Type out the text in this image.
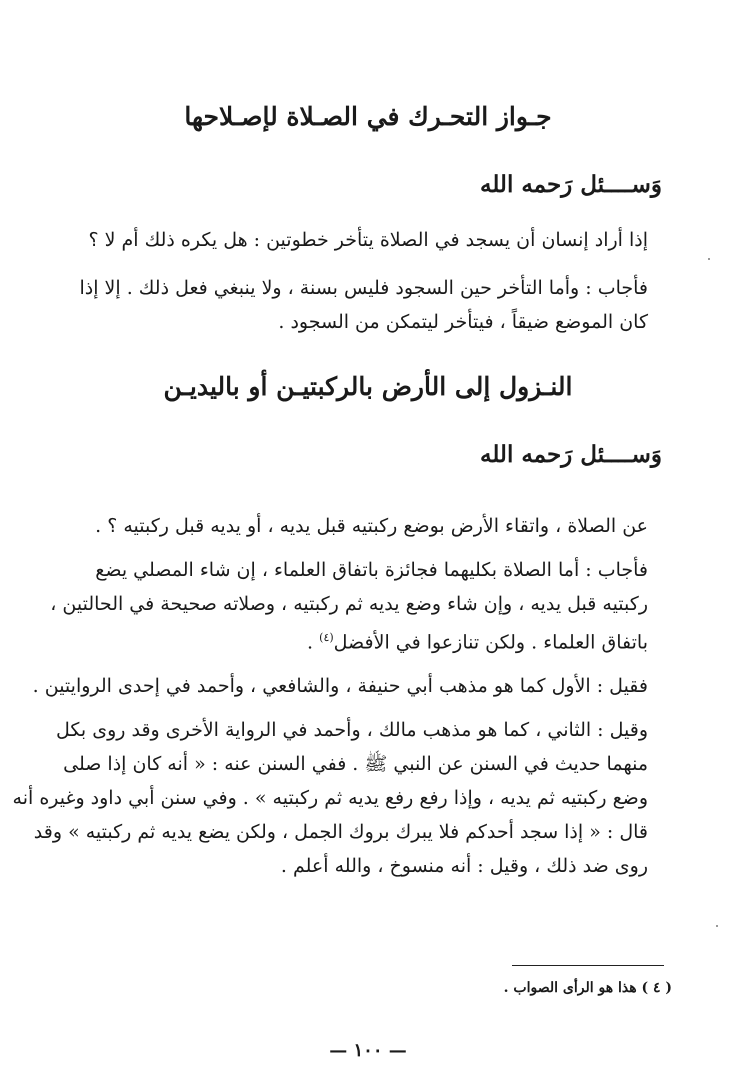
جـواز التحـرك في الصـلاة لإصـلاحها
وَســــئل رَحمه الله
إذا أراد إنسان أن يسجد في الصلاة يتأخر خطوتين : هل يكره ذلك أم لا ؟
فأجاب : وأما التأخر حين السجود فليس بسنة ، ولا ينبغي فعل ذلك . إلا إذا
كان الموضع ضيقاً ، فيتأخر ليتمكن من السجود .
النـزول إلى الأرض بالركبتيـن أو باليديـن
وَســــئل رَحمه الله
عن الصلاة ، واتقاء الأرض بوضع ركبتيه قبل يديه ، أو يديه قبل ركبتيه ؟ .
فأجاب : أما الصلاة بكليهما فجائزة باتفاق العلماء ، إن شاء المصلي يضع
ركبتيه قبل يديه ، وإن شاء وضع يديه ثم ركبتيه ، وصلاته صحيحة في الحالتين ،
باتفاق العلماء . ولكن تنازعوا في الأفضل$^{(٤)}$ .
فقيل : الأول كما هو مذهب أبي حنيفة ، والشافعي ، وأحمد في إحدى الروايتين .
وقيل : الثاني ، كما هو مذهب مالك ، وأحمد في الرواية الأخرى وقد روى بكل
منهما حديث في السنن عن النبي ﷺ . ففي السنن عنه : « أنه كان إذا صلى
وضع ركبتيه ثم يديه ، وإذا رفع رفع يديه ثم ركبتيه » . وفي سنن أبي داود وغيره أنه
قال : « إذا سجد أحدكم فلا يبرك بروك الجمل ، ولكن يضع يديه ثم ركبتيه » وقد
روى ضد ذلك ، وقيل : أنه منسوخ ، والله أعلم .
( ٤ ) هذا هو الرأى الصواب .
— ١٠٠ —
